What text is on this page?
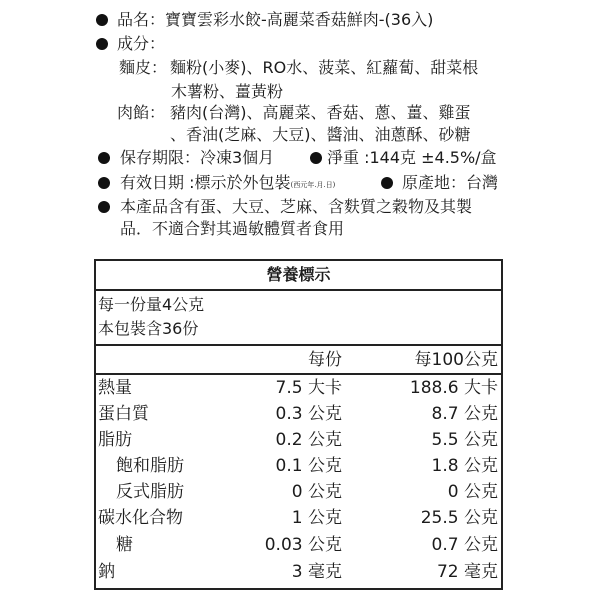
品名：寶寶雲彩水餃-高麗菜香菇鮮肉-(36入)
成分：
麵皮： 麵粉(小麥)、RO水、菠菜、紅蘿蔔、甜菜根
木薯粉、薑黃粉
肉餡： 豬肉(台灣)、高麗菜、香菇、蔥、薑、雞蛋
、香油(芝麻、大豆)、醬油、油蔥酥、砂糖
保存期限：冷凍3個月	淨重 :144克 ±4.5%/盒
有效日期 :標示於外包裝(西元年.月.日)	原產地：台灣
本產品含有蛋、大豆、芝麻、含麩質之穀物及其製
品．不適合對其過敏體質者食用
營養標示
每一份量4公克
本包裝含36份
每份	每100公克
熱量	7.5 大卡	188.6 大卡
蛋白質	0.3 公克	8.7 公克
脂肪	0.2 公克	5.5 公克
飽和脂肪	0.1 公克	1.8 公克
反式脂肪	0 公克	0 公克
碳水化合物	1 公克	25.5 公克
糖	0.03 公克	0.7 公克
鈉	3 毫克	72 毫克
